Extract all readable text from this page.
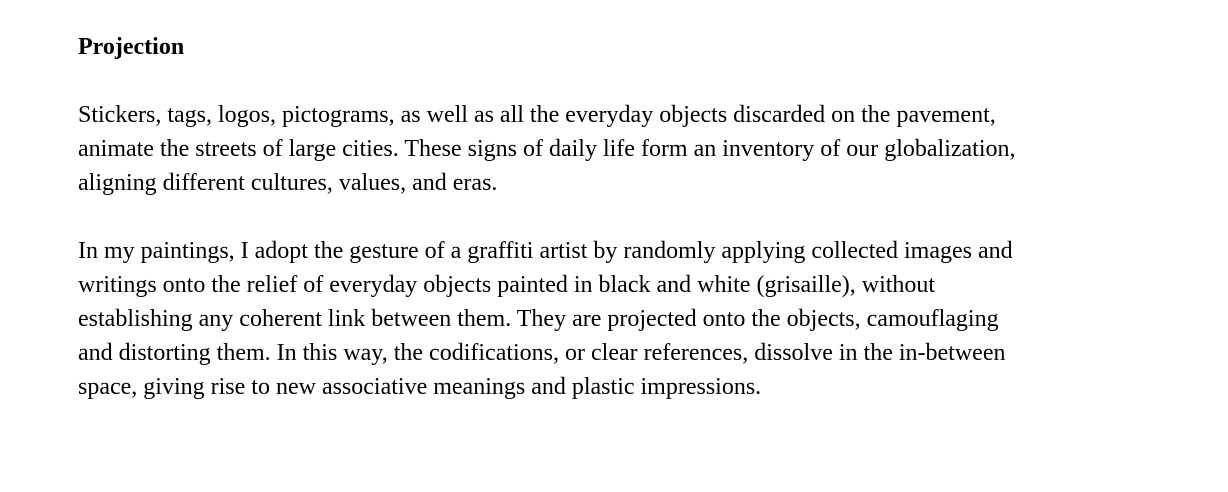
Projection

Stickers, tags, logos, pictograms, as well as all the everyday objects discarded on the pavement,
animate the streets of large cities. These signs of daily life form an inventory of our globalization,
aligning different cultures, values, and eras.

In my paintings, I adopt the gesture of a graffiti artist by randomly applying collected images and
writings onto the relief of everyday objects painted in black and white (grisaille), without
establishing any coherent link between them. They are projected onto the objects, camouflaging
and distorting them. In this way, the codifications, or clear references, dissolve in the in-between
space, giving rise to new associative meanings and plastic impressions.
